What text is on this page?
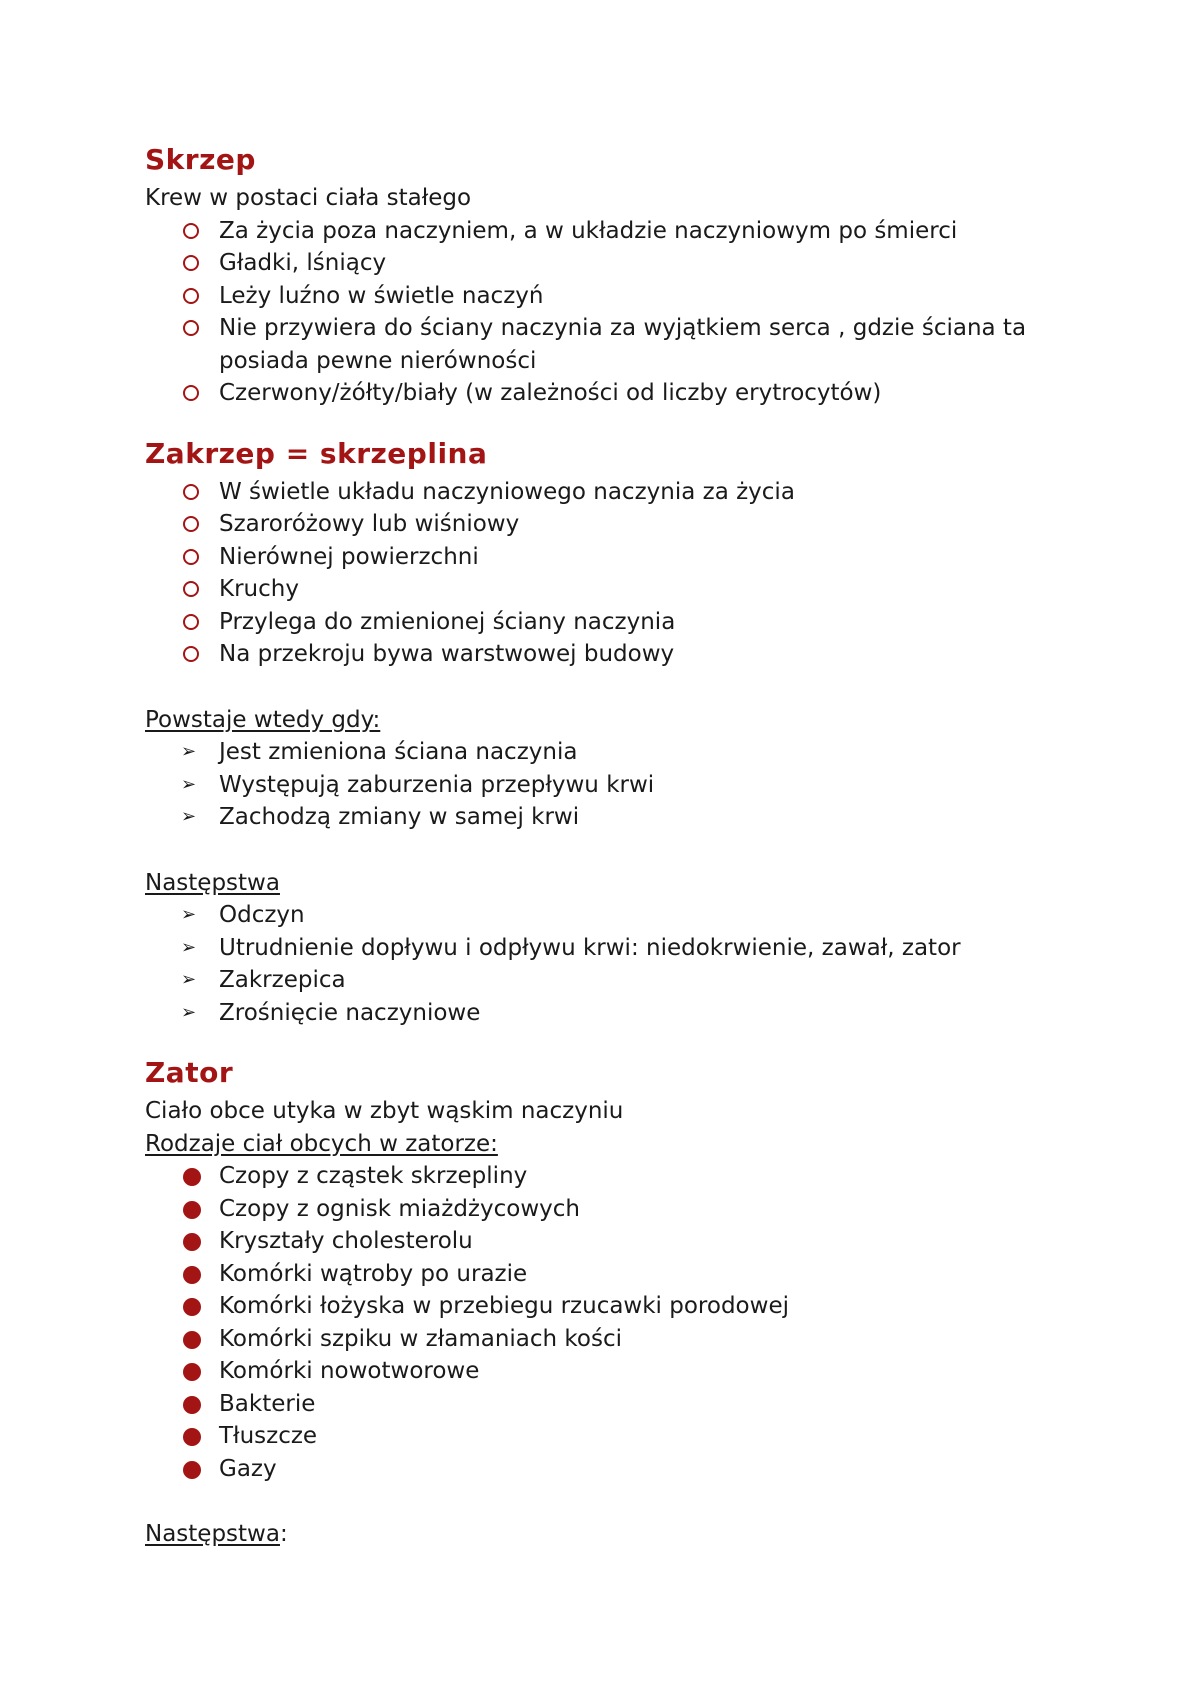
Skrzep
Krew w postaci ciała stałego
Za życia poza naczyniem, a w układzie naczyniowym po śmierci
Gładki, lśniący
Leży luźno w świetle naczyń
Nie przywiera do ściany naczynia za wyjątkiem serca , gdzie ściana ta posiada pewne nierówności
Czerwony/żółty/biały (w zależności od liczby erytrocytów)
Zakrzep = skrzeplina
W świetle układu naczyniowego naczynia za życia
Szaroróżowy lub wiśniowy
Nierównej powierzchni
Kruchy
Przylega do zmienionej ściany naczynia
Na przekroju bywa warstwowej budowy
Powstaje wtedy gdy:
➢ Jest zmieniona ściana naczynia
➢ Występują zaburzenia przepływu krwi
➢ Zachodzą zmiany w samej krwi
Następstwa
➢ Odczyn
➢ Utrudnienie dopływu i odpływu krwi: niedokrwienie, zawał, zator
➢ Zakrzepica
➢ Zrośnięcie naczyniowe
Zator
Ciało obce utyka w zbyt wąskim naczyniu
Rodzaje ciał obcych w zatorze:
Czopy z cząstek skrzepliny
Czopy z ognisk miażdżycowych
Kryształy cholesterolu
Komórki wątroby po urazie
Komórki łożyska w przebiegu rzucawki porodowej
Komórki szpiku w złamaniach kości
Komórki nowotworowe
Bakterie
Tłuszcze
Gazy
Następstwa:
